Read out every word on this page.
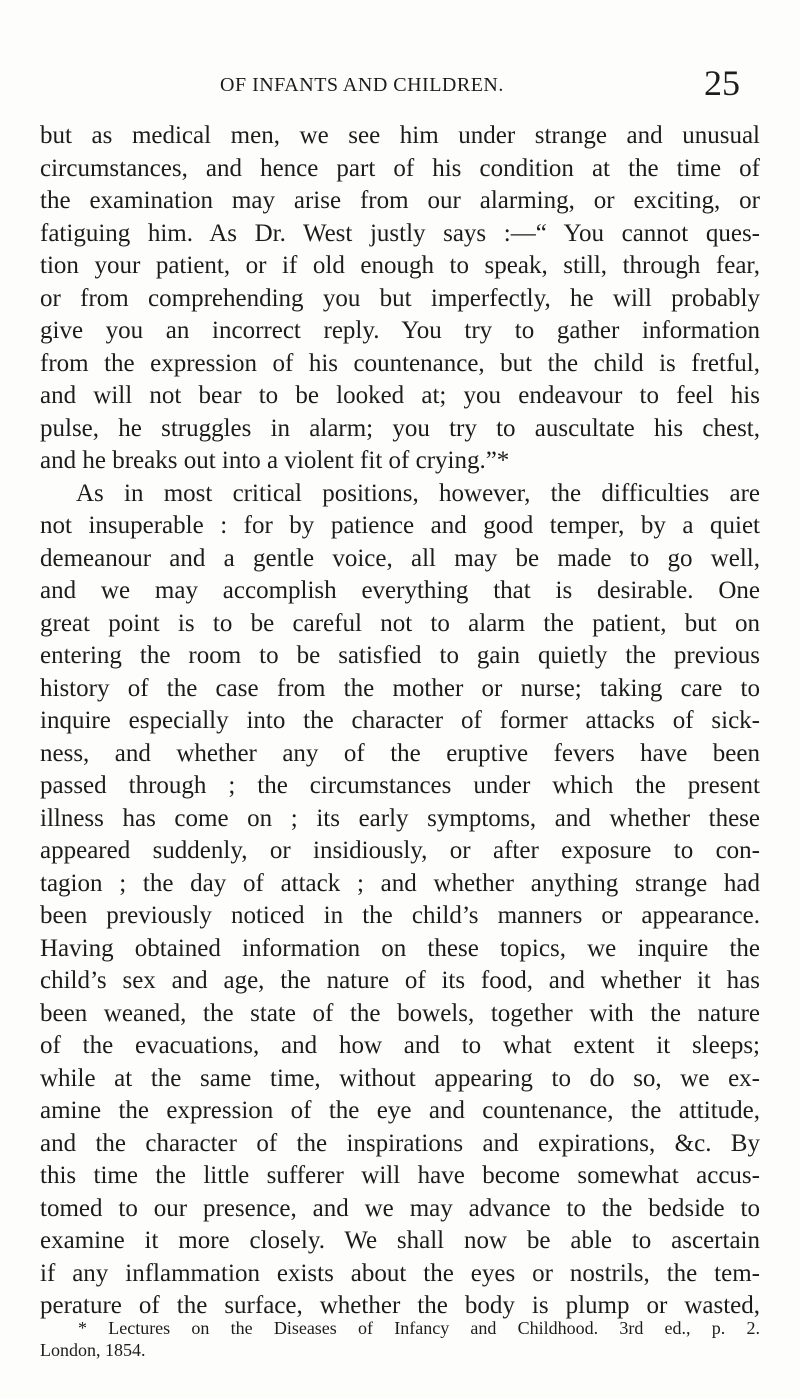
OF INFANTS AND CHILDREN.	25
but as medical men, we see him under strange and unusual
circumstances, and hence part of his condition at the time of
the examination may arise from our alarming, or exciting, or
fatiguing him. As Dr. West justly says :—“ You cannot ques-
tion your patient, or if old enough to speak, still, through fear,
or from comprehending you but imperfectly, he will probably
give you an incorrect reply. You try to gather information
from the expression of his countenance, but the child is fretful,
and will not bear to be looked at; you endeavour to feel his
pulse, he struggles in alarm; you try to auscultate his chest,
and he breaks out into a violent fit of crying.”*
As in most critical positions, however, the difficulties are
not insuperable : for by patience and good temper, by a quiet
demeanour and a gentle voice, all may be made to go well,
and we may accomplish everything that is desirable. One
great point is to be careful not to alarm the patient, but on
entering the room to be satisfied to gain quietly the previous
history of the case from the mother or nurse; taking care to
inquire especially into the character of former attacks of sick-
ness, and whether any of the eruptive fevers have been
passed through ; the circumstances under which the present
illness has come on ; its early symptoms, and whether these
appeared suddenly, or insidiously, or after exposure to con-
tagion ; the day of attack ; and whether anything strange had
been previously noticed in the child’s manners or appearance.
Having obtained information on these topics, we inquire the
child’s sex and age, the nature of its food, and whether it has
been weaned, the state of the bowels, together with the nature
of the evacuations, and how and to what extent it sleeps;
while at the same time, without appearing to do so, we ex-
amine the expression of the eye and countenance, the attitude,
and the character of the inspirations and expirations, &c. By
this time the little sufferer will have become somewhat accus-
tomed to our presence, and we may advance to the bedside to
examine it more closely. We shall now be able to ascertain
if any inflammation exists about the eyes or nostrils, the tem-
perature of the surface, whether the body is plump or wasted,
* Lectures on the Diseases of Infancy and Childhood. 3rd ed., p. 2.
London, 1854.
